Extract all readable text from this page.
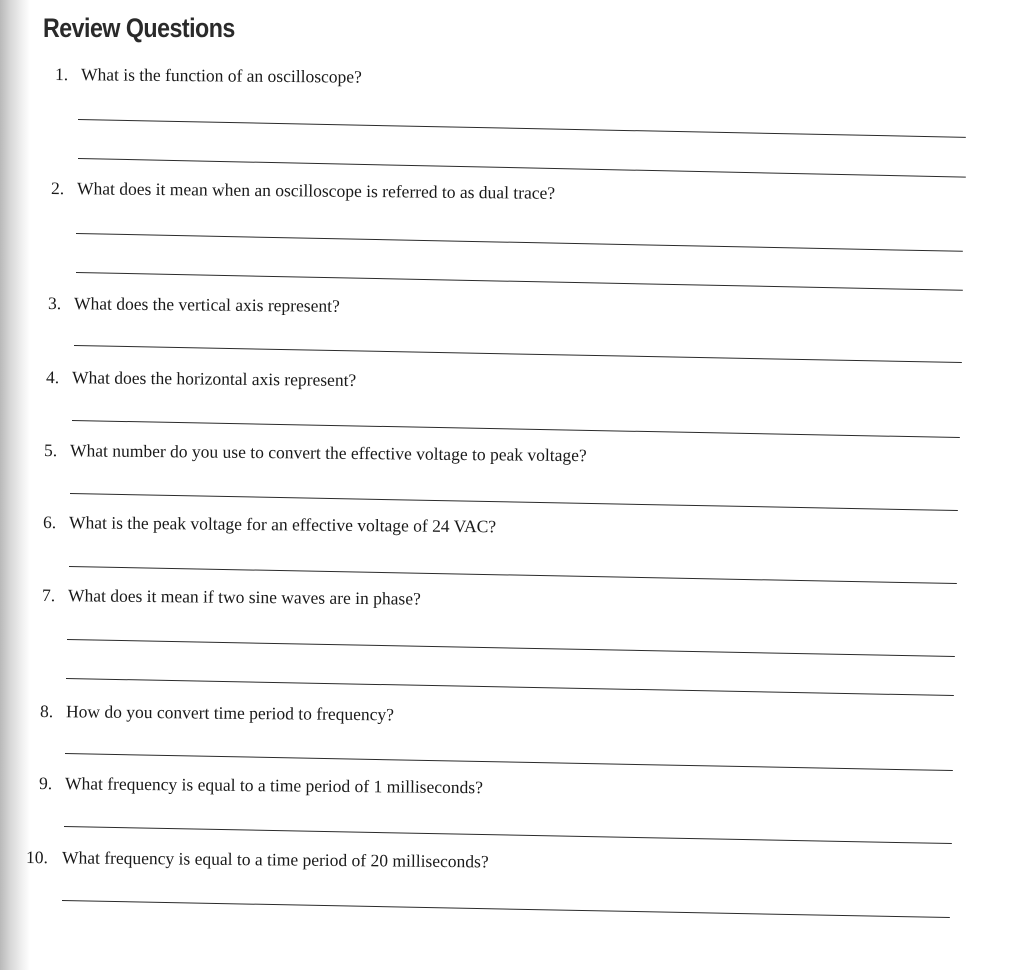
Review Questions
1. What is the function of an oscilloscope?
2. What does it mean when an oscilloscope is referred to as dual trace?
3. What does the vertical axis represent?
4. What does the horizontal axis represent?
5. What number do you use to convert the effective voltage to peak voltage?
6. What is the peak voltage for an effective voltage of 24 VAC?
7. What does it mean if two sine waves are in phase?
8. How do you convert time period to frequency?
9. What frequency is equal to a time period of 1 milliseconds?
10. What frequency is equal to a time period of 20 milliseconds?
